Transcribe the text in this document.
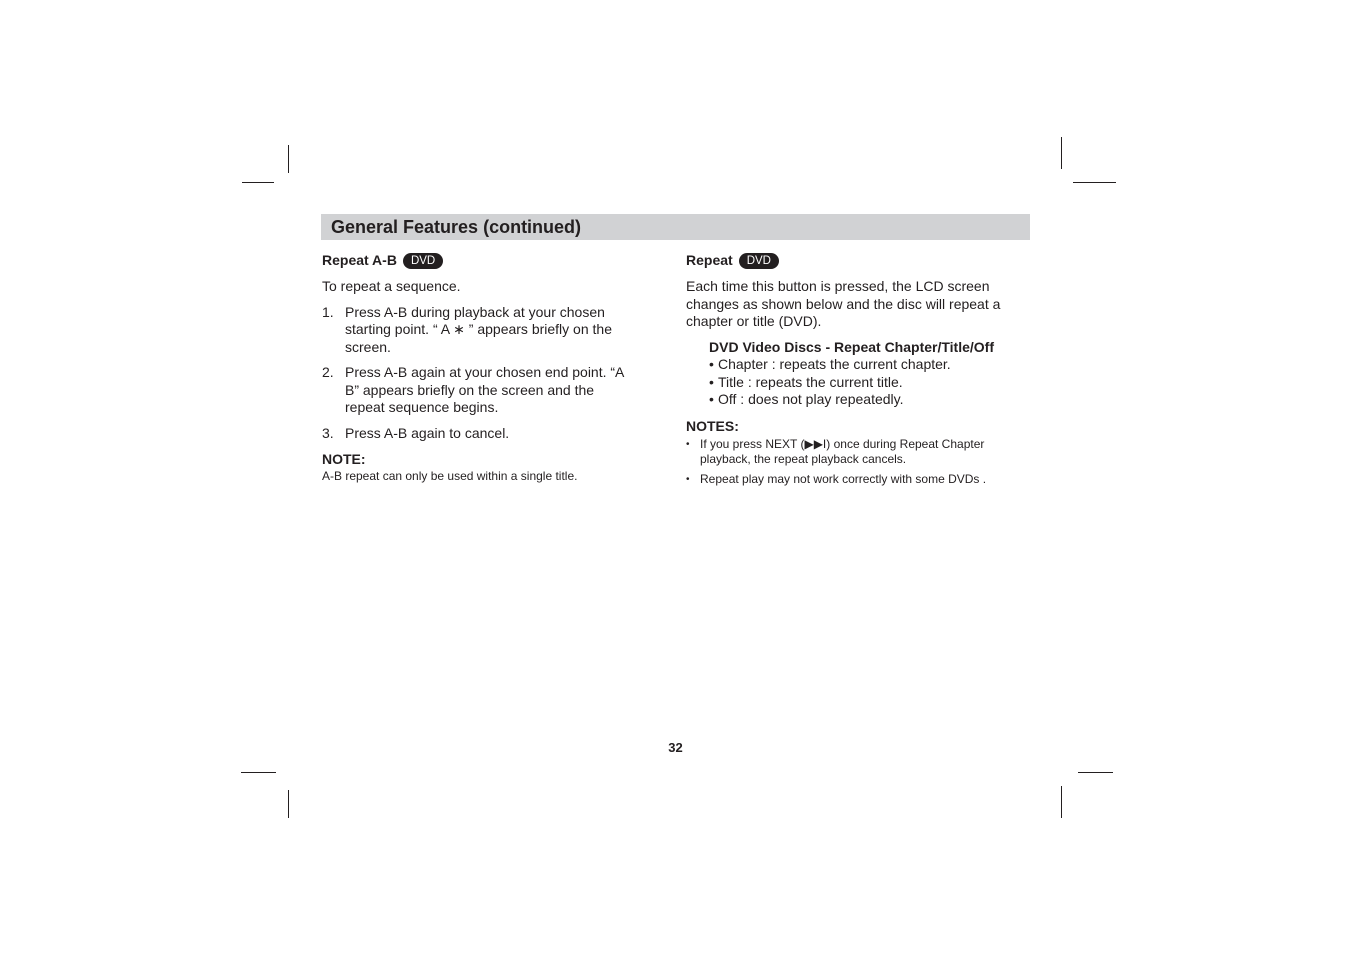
General Features (continued)
Repeat A-B	DVD

To repeat a sequence.

1. Press A-B during playback at your chosen starting point. “ A ∗ ” appears briefly on the screen.
2. Press A-B again at your chosen end point. “A B” appears briefly on the screen and the repeat sequence begins.
3. Press A-B again to cancel.

NOTE:

A-B repeat can only be used within a single title.

Repeat	DVD

Each time this button is pressed, the LCD screen changes as shown below and the disc will repeat a chapter or title (DVD).

DVD Video Discs - Repeat Chapter/Title/Off

• Chapter : repeats the current chapter.
• Title : repeats the current title.
• Off : does not play repeatedly.

NOTES:

• If you press NEXT (▶▶I) once during Repeat Chapter playback, the repeat playback cancels.
• Repeat play may not work correctly with some DVDs .
32
